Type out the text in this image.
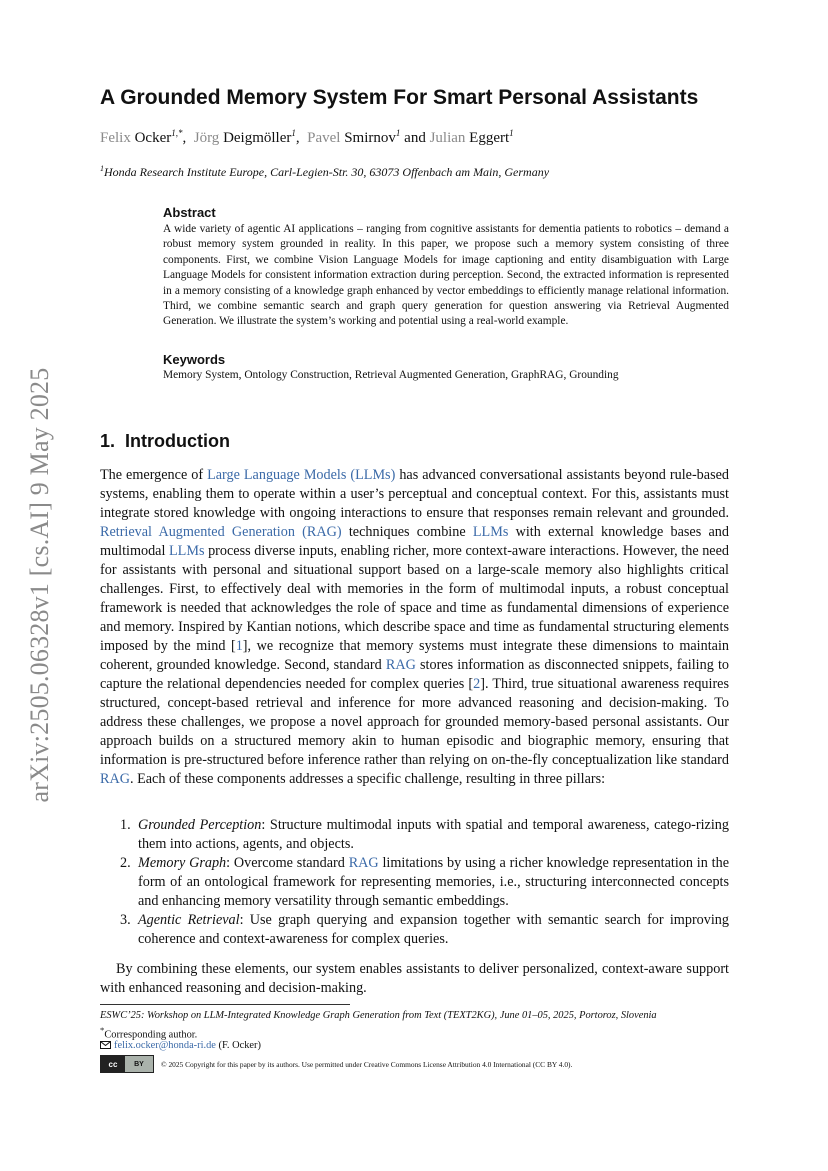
arXiv:2505.06328v1 [cs.AI] 9 May 2025
A Grounded Memory System For Smart Personal Assistants
Felix Ocker$^{1,*}$,  Jörg Deigmöller$^1$,  Pavel Smirnov$^1$ and Julian Eggert$^1$
$^1$Honda Research Institute Europe, Carl-Legien-Str. 30, 63073 Offenbach am Main, Germany
Abstract
A wide variety of agentic AI applications – ranging from cognitive assistants for dementia patients to robotics – demand a robust memory system grounded in reality. In this paper, we propose such a memory system consisting of three components. First, we combine Vision Language Models for image captioning and entity disambiguation with Large Language Models for consistent information extraction during perception. Second, the extracted information is represented in a memory consisting of a knowledge graph enhanced by vector embeddings to efficiently manage relational information. Third, we combine semantic search and graph query generation for question answering via Retrieval Augmented Generation. We illustrate the system’s working and potential using a real-world example.
Keywords
Memory System, Ontology Construction, Retrieval Augmented Generation, GraphRAG, Grounding
1. Introduction
The emergence of Large Language Models (LLMs) has advanced conversational assistants beyond rule-based systems, enabling them to operate within a user’s perceptual and conceptual context. For this, assistants must integrate stored knowledge with ongoing interactions to ensure that responses remain relevant and grounded. Retrieval Augmented Generation (RAG) techniques combine LLMs with external knowledge bases and multimodal LLMs process diverse inputs, enabling richer, more context-aware interactions. However, the need for assistants with personal and situational support based on a large-scale memory also highlights critical challenges. First, to effectively deal with memories in the form of multimodal inputs, a robust conceptual framework is needed that acknowledges the role of space and time as fundamental dimensions of experience and memory. Inspired by Kantian notions, which describe space and time as fundamental structuring elements imposed by the mind [1], we recognize that memory systems must integrate these dimensions to maintain coherent, grounded knowledge. Second, standard RAG stores information as disconnected snippets, failing to capture the relational dependencies needed for complex queries [2]. Third, true situational awareness requires structured, concept-based retrieval and inference for more advanced reasoning and decision-making. To address these challenges, we propose a novel approach for grounded memory-based personal assistants. Our approach builds on a structured memory akin to human episodic and biographic memory, ensuring that information is pre-structured before inference rather than relying on on-the-fly conceptualization like standard RAG. Each of these components addresses a specific challenge, resulting in three pillars:
1. Grounded Perception: Structure multimodal inputs with spatial and temporal awareness, catego-rizing them into actions, agents, and objects.
2. Memory Graph: Overcome standard RAG limitations by using a richer knowledge representation in the form of an ontological framework for representing memories, i.e., structuring interconnected concepts and enhancing memory versatility through semantic embeddings.
3. Agentic Retrieval: Use graph querying and expansion together with semantic search for improving coherence and context-awareness for complex queries.
By combining these elements, our system enables assistants to deliver personalized, context-aware support with enhanced reasoning and decision-making.
ESWC’25: Workshop on LLM-Integrated Knowledge Graph Generation from Text (TEXT2KG), June 01–05, 2025, Portoroz, Slovenia
*Corresponding author.
felix.ocker@honda-ri.de (F. Ocker)
cc	BY	© 2025 Copyright for this paper by its authors. Use permitted under Creative Commons License Attribution 4.0 International (CC BY 4.0).
